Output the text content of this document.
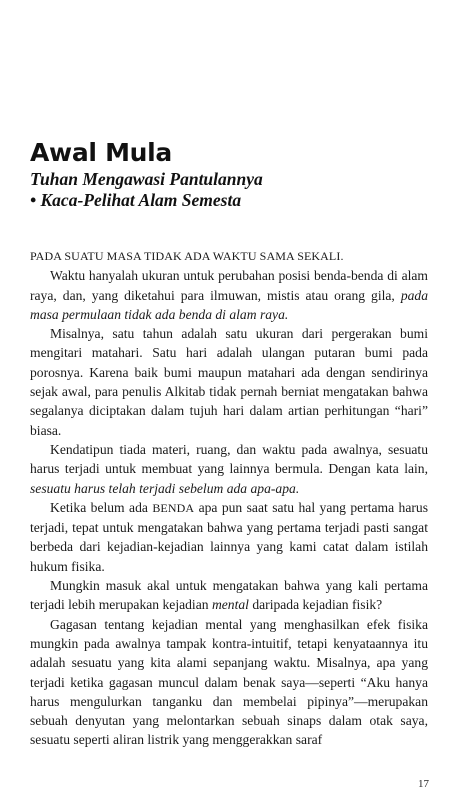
Awal Mula
Tuhan Mengawasi Pantulannya
• Kaca-Pelihat Alam Semesta

PADA SUATU MASA TIDAK ADA WAKTU SAMA SEKALI.

Waktu hanyalah ukuran untuk perubahan posisi benda-benda di alam raya, dan, yang diketahui para ilmuwan, mistis atau orang gila, pada masa permulaan tidak ada benda di alam raya.

Misalnya, satu tahun adalah satu ukuran dari pergerakan bumi mengitari matahari. Satu hari adalah ulangan putaran bumi pada porosnya. Karena baik bumi maupun matahari ada dengan sendirinya sejak awal, para penulis Alkitab tidak pernah berniat mengatakan bahwa segalanya diciptakan dalam tujuh hari dalam artian perhitungan “hari” biasa.

Kendatipun tiada materi, ruang, dan waktu pada awalnya, sesuatu harus terjadi untuk membuat yang lainnya bermula. Dengan kata lain, sesuatu harus telah terjadi sebelum ada apa-apa.

Ketika belum ada BENDA apa pun saat satu hal yang pertama harus terjadi, tepat untuk mengatakan bahwa yang pertama terjadi pasti sangat berbeda dari kejadian-kejadian lainnya yang kami catat dalam istilah hukum fisika.

Mungkin masuk akal untuk mengatakan bahwa yang kali pertama terjadi lebih merupakan kejadian mental daripada kejadian fisik?

Gagasan tentang kejadian mental yang menghasilkan efek fisika mungkin pada awalnya tampak kontra-intuitif, tetapi kenyataannya itu adalah sesuatu yang kita alami sepanjang waktu. Misalnya, apa yang terjadi ketika gagasan muncul dalam benak saya—seperti “Aku hanya harus mengulurkan tanganku dan membelai pipinya”—merupakan sebuah denyutan yang melontarkan sebuah sinaps dalam otak saya, sesuatu seperti aliran listrik yang menggerakkan saraf

17
